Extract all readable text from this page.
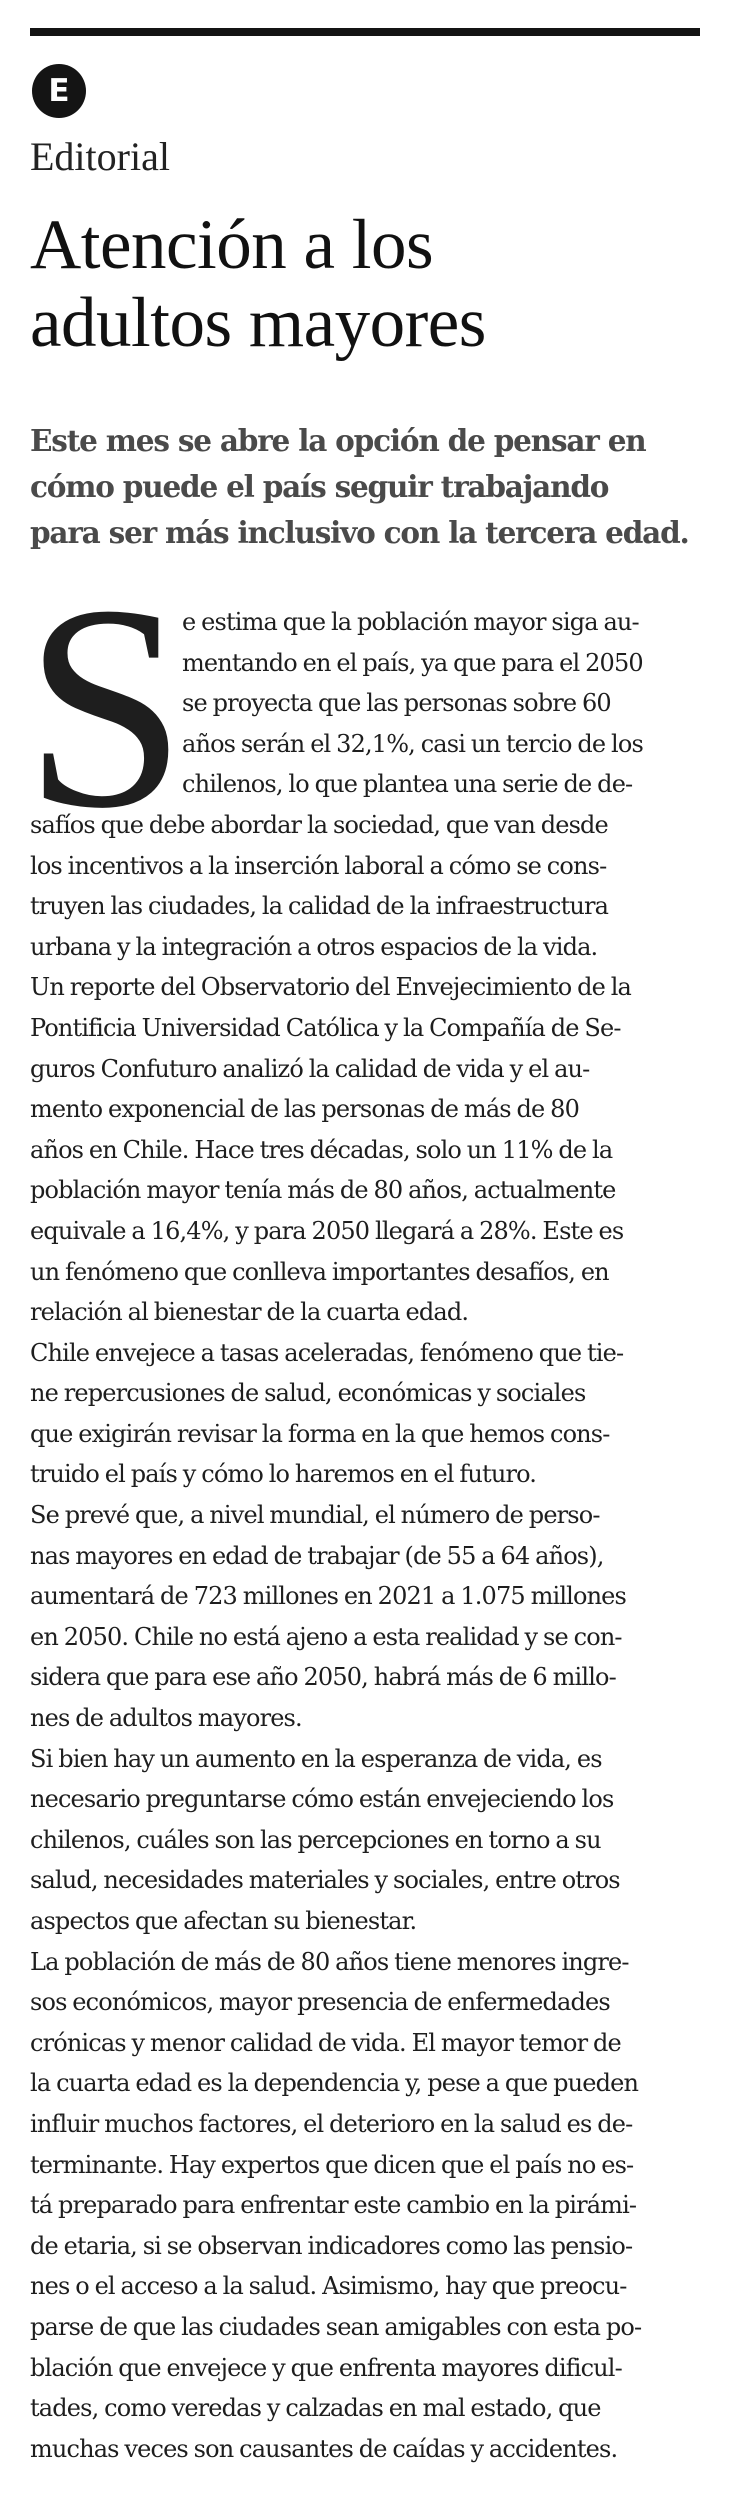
E
Editorial
Atención a los
adultos mayores
Este mes se abre la opción de pensar en
cómo puede el país seguir trabajando
para ser más inclusivo con la tercera edad.
S
e estima que la población mayor siga au-
mentando en el país, ya que para el 2050
se proyecta que las personas sobre 60
años serán el 32,1%, casi un tercio de los
chilenos, lo que plantea una serie de de-
safíos que debe abordar la sociedad, que van desde
los incentivos a la inserción laboral a cómo se cons-
truyen las ciudades, la calidad de la infraestructura
urbana y la integración a otros espacios de la vida.
Un reporte del Observatorio del Envejecimiento de la
Pontificia Universidad Católica y la Compañía de Se-
guros Confuturo analizó la calidad de vida y el au-
mento exponencial de las personas de más de 80
años en Chile. Hace tres décadas, solo un 11% de la
población mayor tenía más de 80 años, actualmente
equivale a 16,4%, y para 2050 llegará a 28%. Este es
un fenómeno que conlleva importantes desafíos, en
relación al bienestar de la cuarta edad.
Chile envejece a tasas aceleradas, fenómeno que tie-
ne repercusiones de salud, económicas y sociales
que exigirán revisar la forma en la que hemos cons-
truido el país y cómo lo haremos en el futuro.
Se prevé que, a nivel mundial, el número de perso-
nas mayores en edad de trabajar (de 55 a 64 años),
aumentará de 723 millones en 2021 a 1.075 millones
en 2050. Chile no está ajeno a esta realidad y se con-
sidera que para ese año 2050, habrá más de 6 millo-
nes de adultos mayores.
Si bien hay un aumento en la esperanza de vida, es
necesario preguntarse cómo están envejeciendo los
chilenos, cuáles son las percepciones en torno a su
salud, necesidades materiales y sociales, entre otros
aspectos que afectan su bienestar.
La población de más de 80 años tiene menores ingre-
sos económicos, mayor presencia de enfermedades
crónicas y menor calidad de vida. El mayor temor de
la cuarta edad es la dependencia y, pese a que pueden
influir muchos factores, el deterioro en la salud es de-
terminante. Hay expertos que dicen que el país no es-
tá preparado para enfrentar este cambio en la pirámi-
de etaria, si se observan indicadores como las pensio-
nes o el acceso a la salud. Asimismo, hay que preocu-
parse de que las ciudades sean amigables con esta po-
blación que envejece y que enfrenta mayores dificul-
tades, como veredas y calzadas en mal estado, que
muchas veces son causantes de caídas y accidentes.
